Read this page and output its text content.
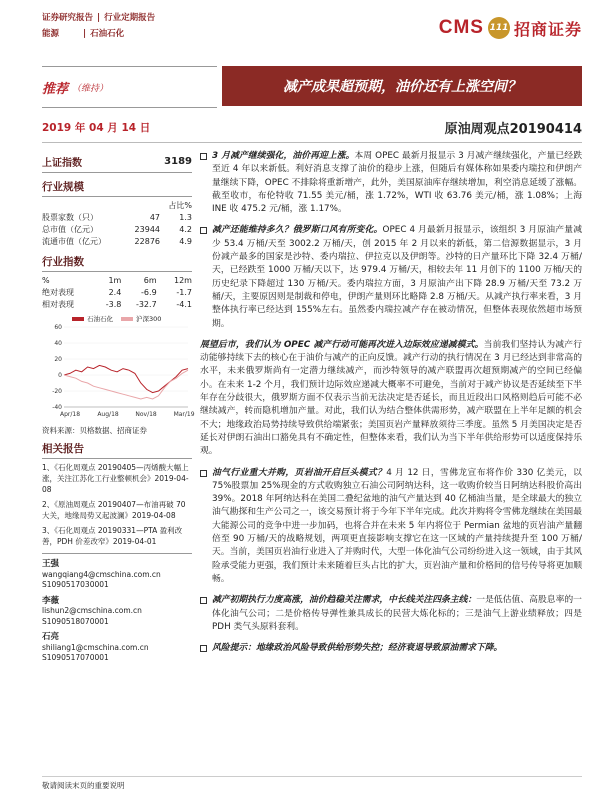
证券研究报告 | 行业定期报告
能源	| 石油石化	CMS 111 招商证券
推荐 （维持）	减产成果超预期，油价还有上涨空间？
2019 年 04 月 14 日	原油周观点20190414
上证指数	3189
行业规模
占比%
股票家数（只）	47	1.3
总市值（亿元）	23944	4.2
流通市值（亿元）	22876	4.9
行业指数
%	1m	6m	12m
绝对表现	2.4	-6.9	-1.7
相对表现	-3.8	-32.7	-4.1
石油石化	沪深300
60
40
20
0
-20
-40
Apr/18	Aug/18	Nov/18	Mar/19
资料来源：贝格数据、招商证券
相关报告
1、《石化周观点 20190405—丙烯酸大幅上涨，关注江苏化工行业整顿机会》2019-04-08
2、《原油周观点 20190407—布油再破 70 大关，地缘局势又起波澜》2019-04-08
3、《石化周观点 20190331—PTA 盈利改善，PDH 价差改窄》2019-04-01
王强
wangqiang4@cmschina.com.cn
S1090517030001
李薇
lishun2@cmschina.com.cn
S1090518070001
石亮
shiliang1@cmschina.com.cn
S1090517070001
3 月减产继续强化，油价再迎上涨。本周 OPEC 最新月报显示 3 月减产继续强化，产量已经跌至近 4 年以来新低。利好消息支撑了油价的稳步上涨，但随后有媒体称如果委内瑞拉和伊朗产量继续下降，OPEC 不排除将重新增产，此外，美国原油库存继续增加，利空消息延缓了涨幅。截至收市，布伦特收 71.55 美元/桶，涨 1.72%，WTI 收 63.76 美元/桶，涨 1.08%；上海 INE 收 475.2 元/桶，涨 1.17%。
减产还能维持多久？俄罗斯口风有所变化。OPEC 4 月最新月报显示，该组织 3 月原油产量减少 53.4 万桶/天至 3002.2 万桶/天，创 2015 年 2 月以来的新低，第二信源数据显示，3 月份减产最多的国家是沙特、委内瑞拉、伊拉克以及伊朗等。沙特的日产量环比下降 32.4 万桶/天，已经跌至 1000 万桶/天以下，达 979.4 万桶/天，相较去年 11 月创下的 1100 万桶/天的历史纪录下降超过 130 万桶/天。委内瑞拉方面，3 月原油产出下降 28.9 万桶/天至 73.2 万桶/天，主要原因则是制裁和停电，伊朗产量则环比略降 2.8 万桶/天。从减产执行率来看，3 月整体执行率已经达到 155%左右。虽然委内瑞拉减产存在被动情况，但整体表现依然超市场预期。
展望后市，我们认为 OPEC 减产行动可能再次进入边际效应递减模式。当前我们坚持认为减产行动能够持续下去的核心在于油价与减产的正向反馈。减产行动的执行情况在 3 月已经达到非常高的水平，未来俄罗斯尚有一定潜力继续减产，而沙特领导的减产联盟再次超预期减产的空间已经偏小。在未来 1-2 个月，我们预计边际效应递减大概率不可避免，当前对于减产协议是否延续至下半年存在分歧很大，俄罗斯方面不仅表示当前无法决定是否延长，而且近段出口风格则趋后可能不必继续减产，转而隐机增加产量。对此，我们认为结合整体供需形势，减产联盟在上半年足额的机会不大；地缘政治局势持续导致供给端紧张；美国页岩产量释放须待三季度。虽然 5 月美国决定是否延长对伊朗石油出口豁免具有不确定性，但整体来看，我们认为当下半年供给形势可以适度保持乐观。
油气行业重大并购，页岩油开启巨头模式？4 月 12 日，雪佛龙宣布将作价 330 亿美元，以 75%股票加 25%现金的方式收购独立石油公司阿纳达科，这一收购价较当日阿纳达科股价高出 39%。2018 年阿纳达科在美国二叠纪盆地的油气产量达到 40 亿桶油当量，是全球最大的独立油气勘探和生产公司之一，该交易预计将于今年下半年完成。此次并购将令雪佛龙继续在美国最大能源公司的竞争中进一步加码，也将合并在未来 5 年内将位于 Permian 盆地的页岩油产量翻倍至 90 万桶/天的战略规划，两项更直接影响支撑它在这一区域的产量持续提升至 100 万桶/天。当前，美国页岩油行业进入了并购时代，大型一体化油气公司纷纷进入这一领域，由于其风险承受能力更强，我们预计未来随着巨头占比的扩大，页岩油产量和价格间的信号传导将更加顺畅。
减产初期执行力度高涨，油价趋稳关注需求，中长线关注四条主线：一是低估值、高股息率的一体化油气公司；二是价格传导弹性兼具成长的民营大炼化标的；三是油气上游业绩释放；四是 PDH 类气头原料套利。
风险提示：地缘政治风险导致供给形势失控；经济衰退导致原油需求下降。
敬请阅读末页的重要说明
